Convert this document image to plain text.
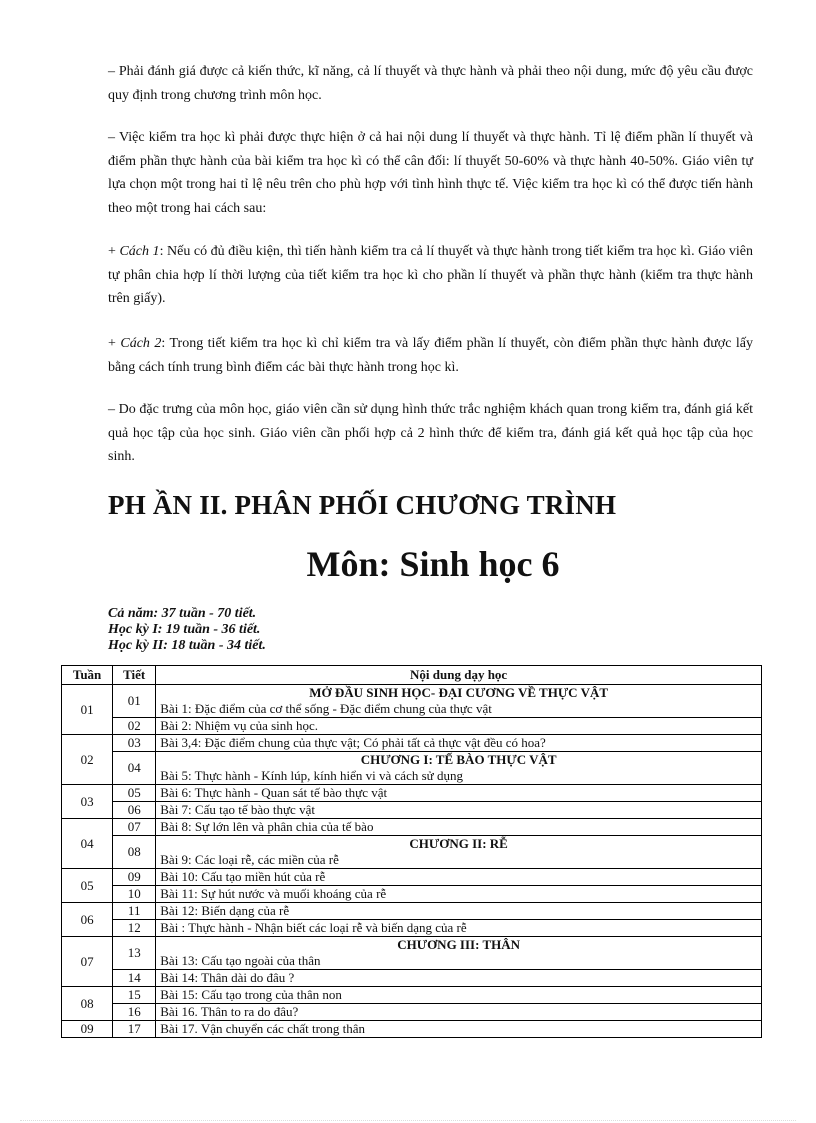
– Phải đánh giá được cả kiến thức, kĩ năng, cả lí thuyết và thực hành và phải theo nội dung, mức độ yêu cầu được quy định trong chương trình môn học.

– Việc kiểm tra học kì phải được thực hiện ở cả hai nội dung lí thuyết và thực hành. Tỉ lệ điểm phần lí thuyết và điểm phần thực hành của bài kiểm tra học kì có thể cân đối: lí thuyết 50-60% và thực hành 40-50%. Giáo viên tự lựa chọn một trong hai tỉ lệ nêu trên cho phù hợp với tình hình thực tế. Việc kiểm tra học kì có thể được tiến hành theo một trong hai cách sau:

+ Cách 1: Nếu có đủ điều kiện, thì tiến hành kiểm tra cả lí thuyết và thực hành trong tiết kiểm tra học kì. Giáo viên tự phân chia hợp lí thời lượng của tiết kiểm tra học kì cho phần lí thuyết và phần thực hành (kiểm tra thực hành trên giấy).

+ Cách 2: Trong tiết kiểm tra học kì chỉ kiểm tra và lấy điểm phần lí thuyết, còn điểm phần thực hành được lấy bằng cách tính trung bình điểm các bài thực hành trong học kì.

– Do đặc trưng của môn học, giáo viên cần sử dụng hình thức trắc nghiệm khách quan trong kiểm tra, đánh giá kết quả học tập của học sinh. Giáo viên cần phối hợp cả 2 hình thức để kiểm tra, đánh giá kết quả học tập của học sinh.

PH ẦN II. PHÂN PHỐI CHƯƠNG TRÌNH
Môn: Sinh học 6
Cả năm: 37 tuần - 70 tiết.
Học kỳ I: 19 tuần - 36 tiết.
Học kỳ II: 18 tuần - 34 tiết.
Tuần	Tiết	Nội dung dạy học
01	01	MỞ ĐẦU SINH HỌC- ĐẠI CƯƠNG VỀ THỰC VẬT
Bài 1: Đặc điểm của cơ thể sống - Đặc điểm chung của thực vật
	02	Bài 2: Nhiệm vụ của sinh học.
02	03	Bài 3,4: Đặc điểm chung của thực vật; Có phải tất cả thực vật đều có hoa?
	04	CHƯƠNG I: TẾ BÀO THỰC VẬT
Bài 5: Thực hành - Kính lúp, kính hiển vi và cách sử dụng
03	05	Bài 6: Thực hành - Quan sát tế bào thực vật
	06	Bài 7: Cấu tạo tế bào thực vật
04	07	Bài 8: Sự lớn lên và phân chia của tế bào
	08	CHƯƠNG II: RỄ
Bài 9: Các loại rễ, các miền của rễ
05	09	Bài 10: Cấu tạo miền hút của rễ
	10	Bài 11: Sự hút nước và muối khoáng của rễ
06	11	Bài 12: Biến dạng của rễ
	12	Bài : Thực hành - Nhận biết các loại rễ và biến dạng của rễ
07	13	CHƯƠNG III: THÂN
Bài 13: Cấu tạo ngoài của thân
	14	Bài 14: Thân dài do đâu ?
08	15	Bài 15: Cấu tạo trong của thân non
	16	Bài 16. Thân to ra do đâu?
09	17	Bài 17. Vận chuyển các chất trong thân
